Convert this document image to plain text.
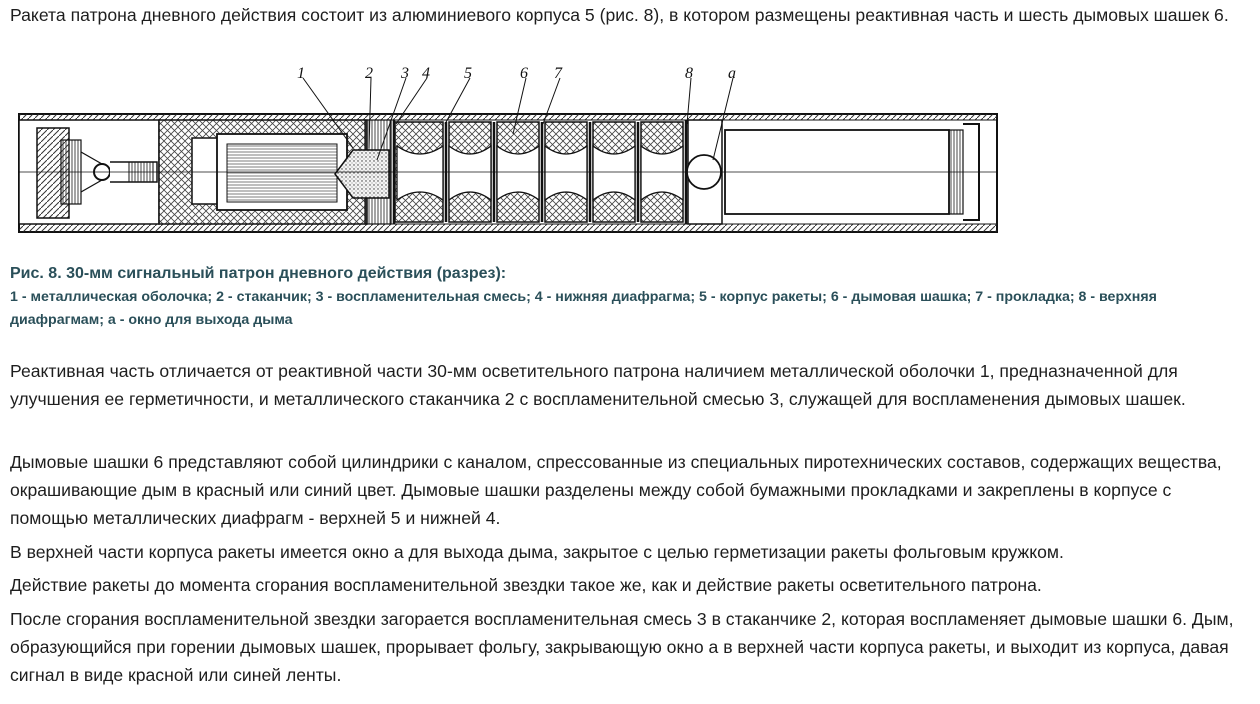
Ракета патрона дневного действия состоит из алюминиевого корпуса 5 (рис. 8), в котором размещены реактивная часть и шесть дымовых шашек 6.

1	2 3 4 5	6 7	8 а
Рис. 8. 30-мм сигнальный патрон дневного действия (разрез):
1 - металлическая оболочка; 2 - стаканчик; 3 - воспламенительная смесь; 4 - нижняя диафрагма; 5 - корпус ракеты; 6 - дымовая шашка; 7 - прокладка; 8 - верхняя диафрагмам; а - окно для выхода дыма

Реактивная часть отличается от реактивной части 30-мм осветительного патрона наличием металлической оболочки 1, предназначенной для улучшения ее герметичности, и металлического стаканчика 2 с воспламенительной смесью 3, служащей для воспламенения дымовых шашек.

Дымовые шашки 6 представляют собой цилиндрики с каналом, спрессованные из специальных пиротехнических составов, содержащих вещества, окрашивающие дым в красный или синий цвет. Дымовые шашки разделены между собой бумажными прокладками и закреплены в корпусе с помощью металлических диафрагм - верхней 5 и нижней 4.

В верхней части корпуса ракеты имеется окно а для выхода дыма, закрытое с целью герметизации ракеты фольговым кружком.

Действие ракеты до момента сгорания воспламенительной звездки такое же, как и действие ракеты осветительного патрона.

После сгорания воспламенительной звездки загорается воспламенительная смесь 3 в стаканчике 2, которая воспламеняет дымовые шашки 6. Дым, образующийся при горении дымовых шашек, прорывает фольгу, закрывающую окно а в верхней части корпуса ракеты, и выходит из корпуса, давая сигнал в виде красной или синей ленты.
